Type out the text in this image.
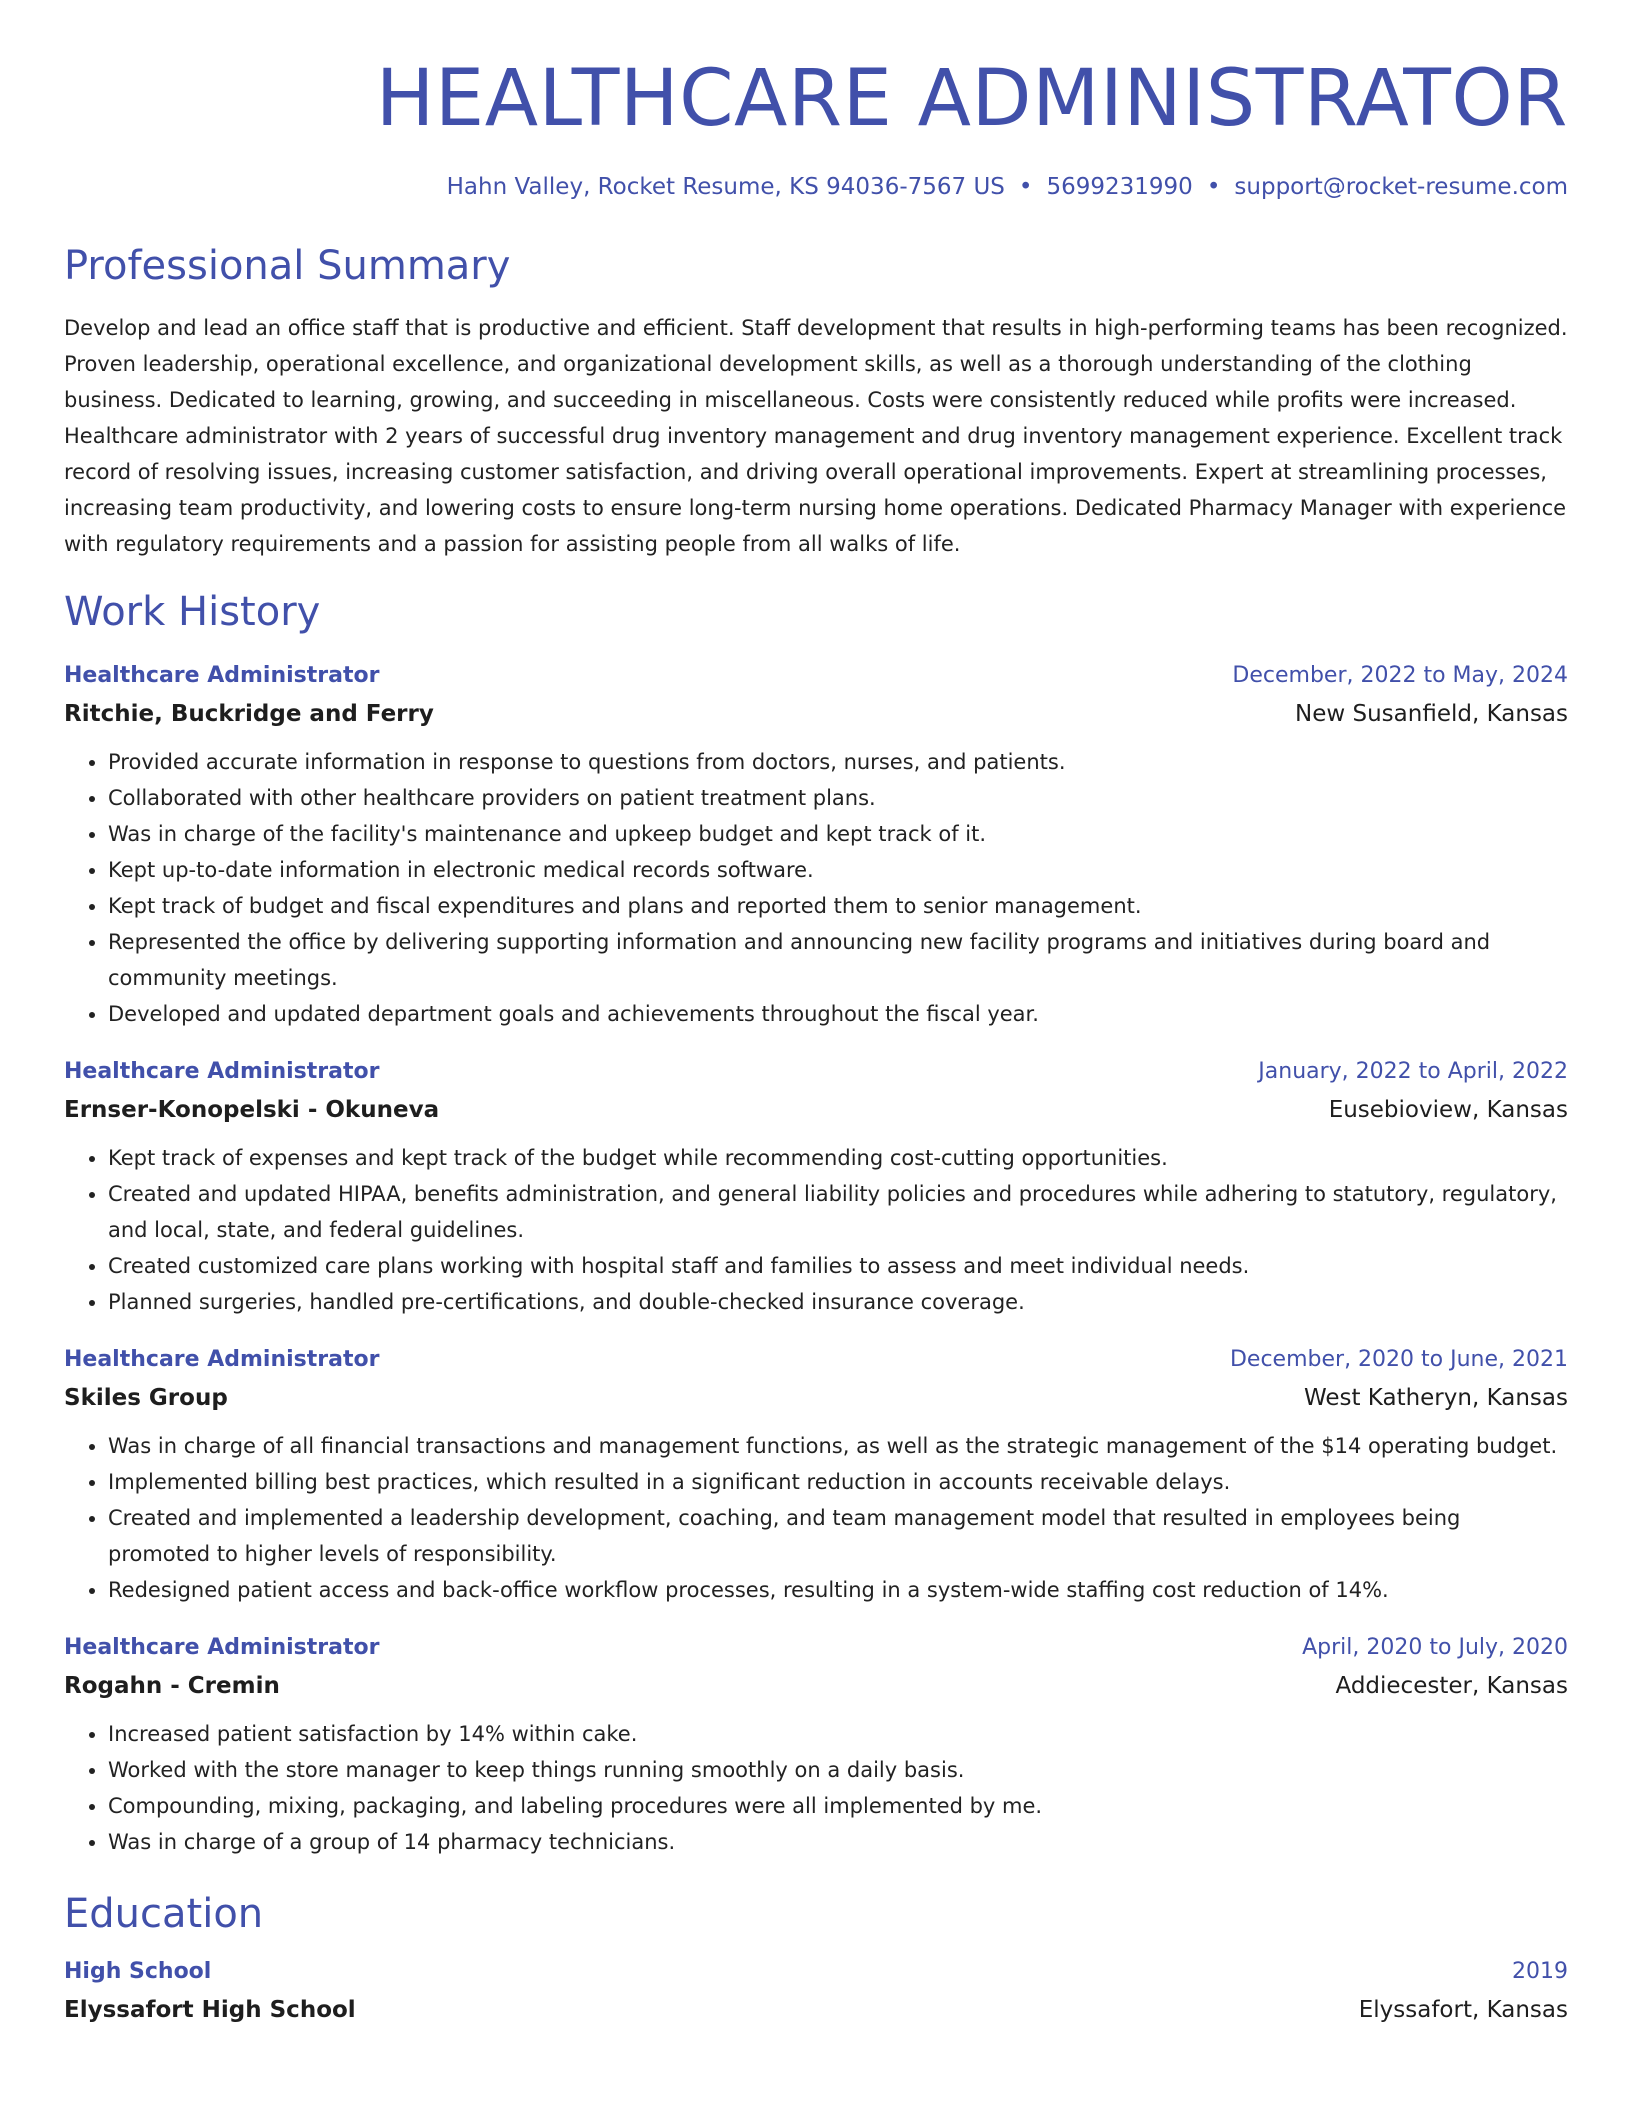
HEALTHCARE ADMINISTRATOR
Hahn Valley, Rocket Resume, KS 94036-7567 US • 5699231990 • support@rocket-resume.com
Professional Summary
Develop and lead an office staff that is productive and efficient. Staff development that results in high-performing teams has been recognized. Proven leadership, operational excellence, and organizational development skills, as well as a thorough understanding of the clothing business. Dedicated to learning, growing, and succeeding in miscellaneous. Costs were consistently reduced while profits were increased. Healthcare administrator with 2 years of successful drug inventory management and drug inventory management experience. Excellent track record of resolving issues, increasing customer satisfaction, and driving overall operational improvements. Expert at streamlining processes, increasing team productivity, and lowering costs to ensure long-term nursing home operations. Dedicated Pharmacy Manager with experience with regulatory requirements and a passion for assisting people from all walks of life.
Work History
Healthcare Administrator	December, 2022 to May, 2024
Ritchie, Buckridge and Ferry	New Susanfield, Kansas
• Provided accurate information in response to questions from doctors, nurses, and patients.
• Collaborated with other healthcare providers on patient treatment plans.
• Was in charge of the facility's maintenance and upkeep budget and kept track of it.
• Kept up-to-date information in electronic medical records software.
• Kept track of budget and fiscal expenditures and plans and reported them to senior management.
• Represented the office by delivering supporting information and announcing new facility programs and initiatives during board and community meetings.
• Developed and updated department goals and achievements throughout the fiscal year.
Healthcare Administrator	January, 2022 to April, 2022
Ernser-Konopelski - Okuneva	Eusebioview, Kansas
• Kept track of expenses and kept track of the budget while recommending cost-cutting opportunities.
• Created and updated HIPAA, benefits administration, and general liability policies and procedures while adhering to statutory, regulatory, and local, state, and federal guidelines.
• Created customized care plans working with hospital staff and families to assess and meet individual needs.
• Planned surgeries, handled pre-certifications, and double-checked insurance coverage.
Healthcare Administrator	December, 2020 to June, 2021
Skiles Group	West Katheryn, Kansas
• Was in charge of all financial transactions and management functions, as well as the strategic management of the $14 operating budget.
• Implemented billing best practices, which resulted in a significant reduction in accounts receivable delays.
• Created and implemented a leadership development, coaching, and team management model that resulted in employees being promoted to higher levels of responsibility.
• Redesigned patient access and back-office workflow processes, resulting in a system-wide staffing cost reduction of 14%.
Healthcare Administrator	April, 2020 to July, 2020
Rogahn - Cremin	Addiecester, Kansas
• Increased patient satisfaction by 14% within cake.
• Worked with the store manager to keep things running smoothly on a daily basis.
• Compounding, mixing, packaging, and labeling procedures were all implemented by me.
• Was in charge of a group of 14 pharmacy technicians.
Education
High School	2019
Elyssafort High School	Elyssafort, Kansas
